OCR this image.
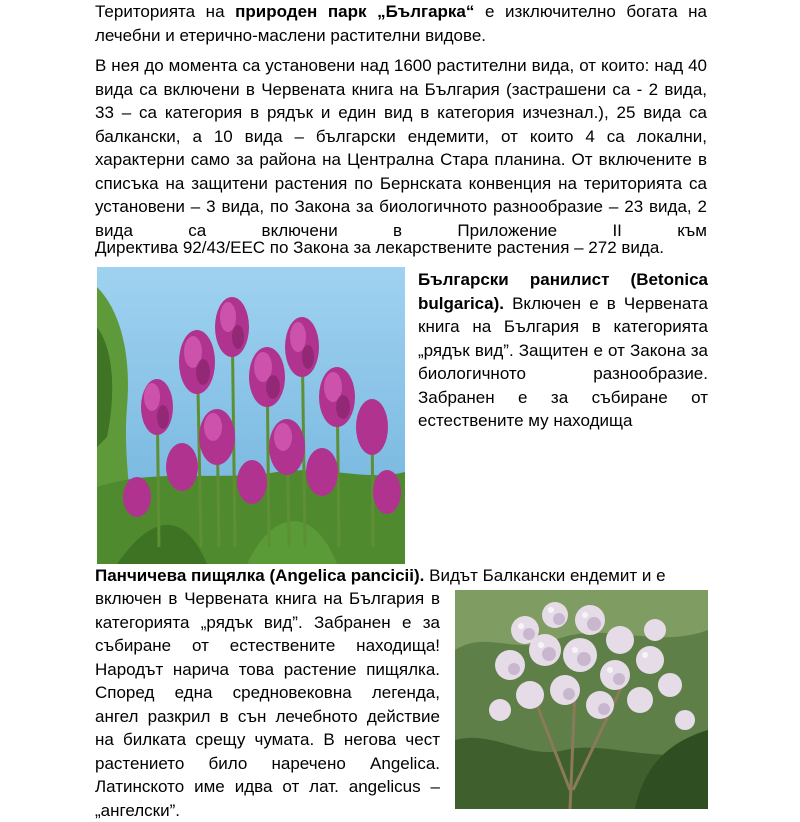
Територията на природен парк „Българка“ е изключително богата на лечебни и етерично-маслени растителни видове.

В нея до момента са установени над 1600 растителни вида, от които: над 40 вида са включени в Червената книга на България (застрашени са - 2 вида, 33 – са категория в рядък и един вид в категория изчезнал.), 25 вида са балкански, а 10 вида – български ендемити, от които 4 са локални, характерни само за района на Централна Стара планина. От включените в списъка на защитени растения по Бернската конвенция на територията са установени – 3 вида, по Закона за биологичното разнообразие – 23 вида, 2 вида са включени в Приложение II към

Директива 92/43/ЕЕС по Закона за лекарствените растения – 272 вида.

Български ранилист (Betonica bulgarica). Включен е в Червената книга на България в категорията „рядък вид”. Защитен е от Закона за биологичното разнообразие. Забранен е за събиране от естествените му находища

Панчичева пищялка (Angelica pancicii). Видът Балкански ендемит и е

включен в Червената книга на България в категорията „рядък вид”. Забранен е за събиране от естествените находища! Народът нарича това растение пищялка. Според една средновековна легенда, ангел разкрил в сън лечебното действие на билката срещу чумата. В негова чест растението било наречено Angelica. Латинското име идва от лат. angelicus – „ангелски”.
